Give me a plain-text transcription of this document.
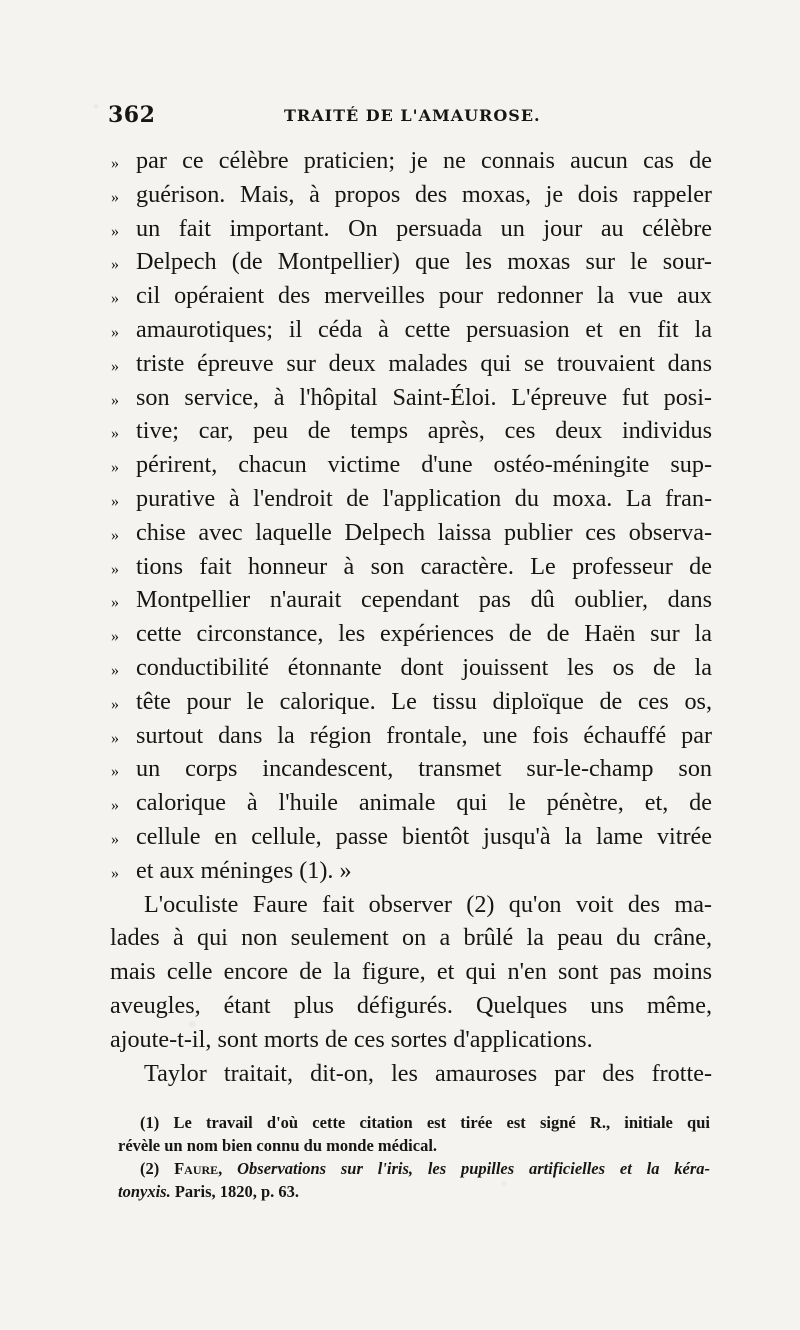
362	TRAITÉ DE L'AMAUROSE.
» par ce célèbre praticien; je ne connais aucun cas de
» guérison. Mais, à propos des moxas, je dois rappeler
» un fait important. On persuada un jour au célèbre
» Delpech (de Montpellier) que les moxas sur le sour-
» cil opéraient des merveilles pour redonner la vue aux
» amaurotiques; il céda à cette persuasion et en fit la
» triste épreuve sur deux malades qui se trouvaient dans
» son service, à l'hôpital Saint-Éloi. L'épreuve fut posi-
» tive; car, peu de temps après, ces deux individus
» périrent, chacun victime d'une ostéo-méningite sup-
» purative à l'endroit de l'application du moxa. La fran-
» chise avec laquelle Delpech laissa publier ces observa-
» tions fait honneur à son caractère. Le professeur de
» Montpellier n'aurait cependant pas dû oublier, dans
» cette circonstance, les expériences de de Haën sur la
» conductibilité étonnante dont jouissent les os de la
» tête pour le calorique. Le tissu diploïque de ces os,
» surtout dans la région frontale, une fois échauffé par
» un corps incandescent, transmet sur-le-champ son
» calorique à l'huile animale qui le pénètre, et, de
» cellule en cellule, passe bientôt jusqu'à la lame vitrée
» et aux méninges (1). »
L'oculiste Faure fait observer (2) qu'on voit des ma-
lades à qui non seulement on a brûlé la peau du crâne,
mais celle encore de la figure, et qui n'en sont pas moins
aveugles, étant plus défigurés. Quelques uns même,
ajoute-t-il, sont morts de ces sortes d'applications.
Taylor traitait, dit-on, les amauroses par des frotte-
(1) Le travail d'où cette citation est tirée est signé R., initiale qui
révèle un nom bien connu du monde médical.
(2) Faure, Observations sur l'iris, les pupilles artificielles et la kéra-
tonyxis. Paris, 1820, p. 63.
